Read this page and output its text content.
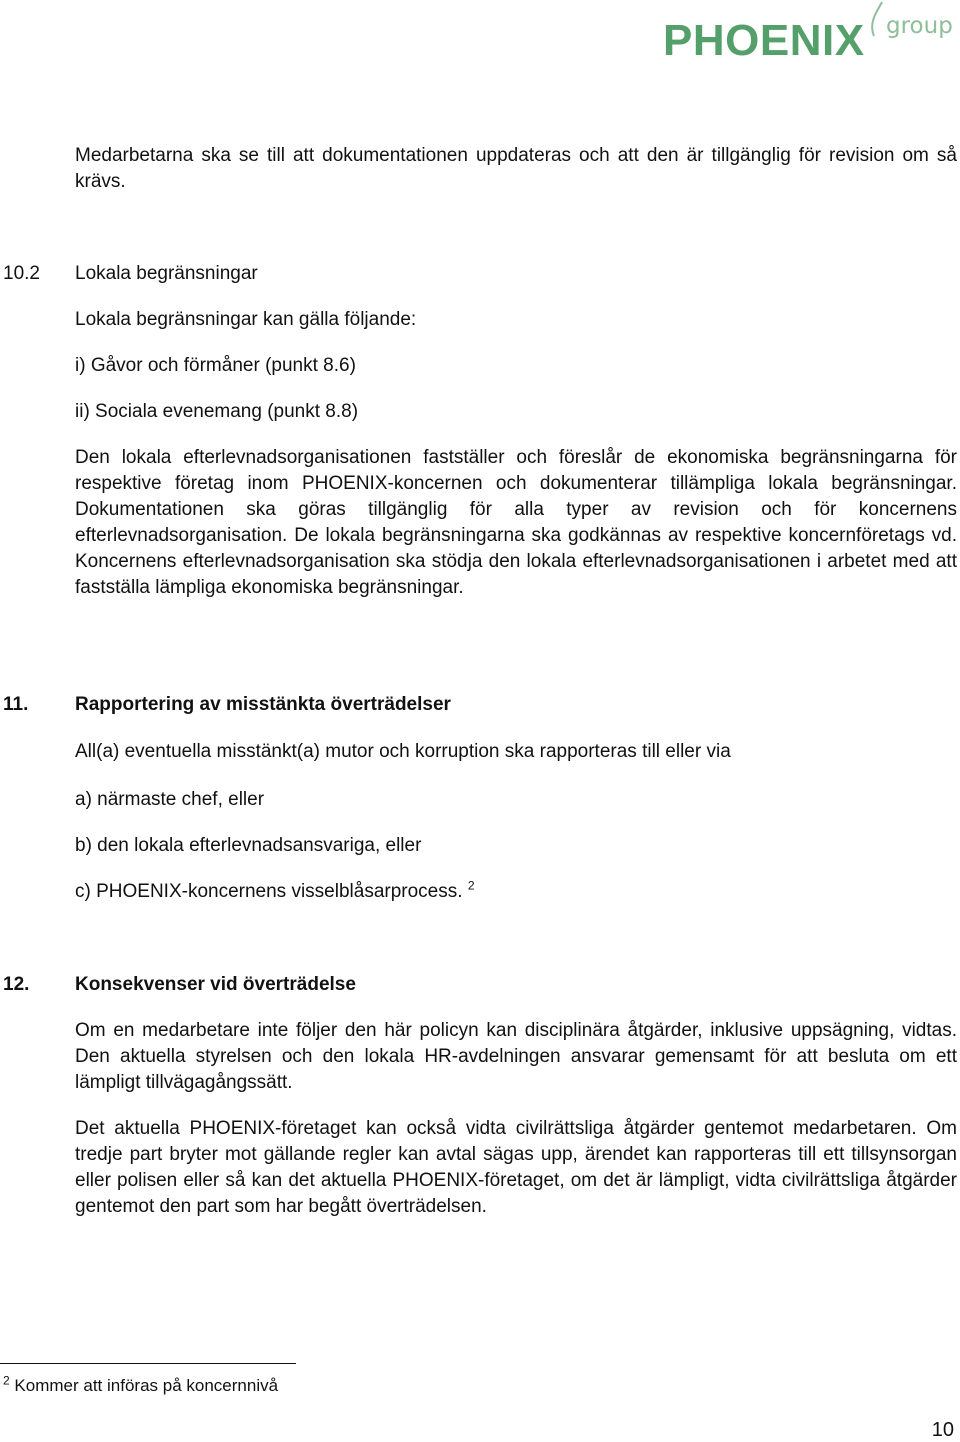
PHOENIX group
Medarbetarna ska se till att dokumentationen uppdateras och att den är tillgänglig för revision om så krävs.
10.2 Lokala begränsningar
Lokala begränsningar kan gälla följande:
i) Gåvor och förmåner (punkt 8.6)
ii) Sociala evenemang (punkt 8.8)
Den lokala efterlevnadsorganisationen fastställer och föreslår de ekonomiska begränsningarna för respektive företag inom PHOENIX-koncernen och dokumenterar tillämpliga lokala begränsningar. Dokumentationen ska göras tillgänglig för alla typer av revision och för koncernens efterlevnadsorganisation. De lokala begränsningarna ska godkännas av respektive koncernföretags vd. Koncernens efterlevnadsorganisation ska stödja den lokala efterlevnadsorganisationen i arbetet med att fastställa lämpliga ekonomiska begränsningar.
11. Rapportering av misstänkta överträdelser
All(a) eventuella misstänkt(a) mutor och korruption ska rapporteras till eller via
a) närmaste chef, eller
b) den lokala efterlevnadsansvariga, eller
c) PHOENIX-koncernens visselblåsarprocess. $^2$
12. Konsekvenser vid överträdelse
Om en medarbetare inte följer den här policyn kan disciplinära åtgärder, inklusive uppsägning, vidtas. Den aktuella styrelsen och den lokala HR-avdelningen ansvarar gemensamt för att besluta om ett lämpligt tillvägagångssätt.
Det aktuella PHOENIX-företaget kan också vidta civilrättsliga åtgärder gentemot medarbetaren. Om tredje part bryter mot gällande regler kan avtal sägas upp, ärendet kan rapporteras till ett tillsynsorgan eller polisen eller så kan det aktuella PHOENIX-företaget, om det är lämpligt, vidta civilrättsliga åtgärder gentemot den part som har begått överträdelsen.
$^2$ Kommer att införas på koncernnivå
10
